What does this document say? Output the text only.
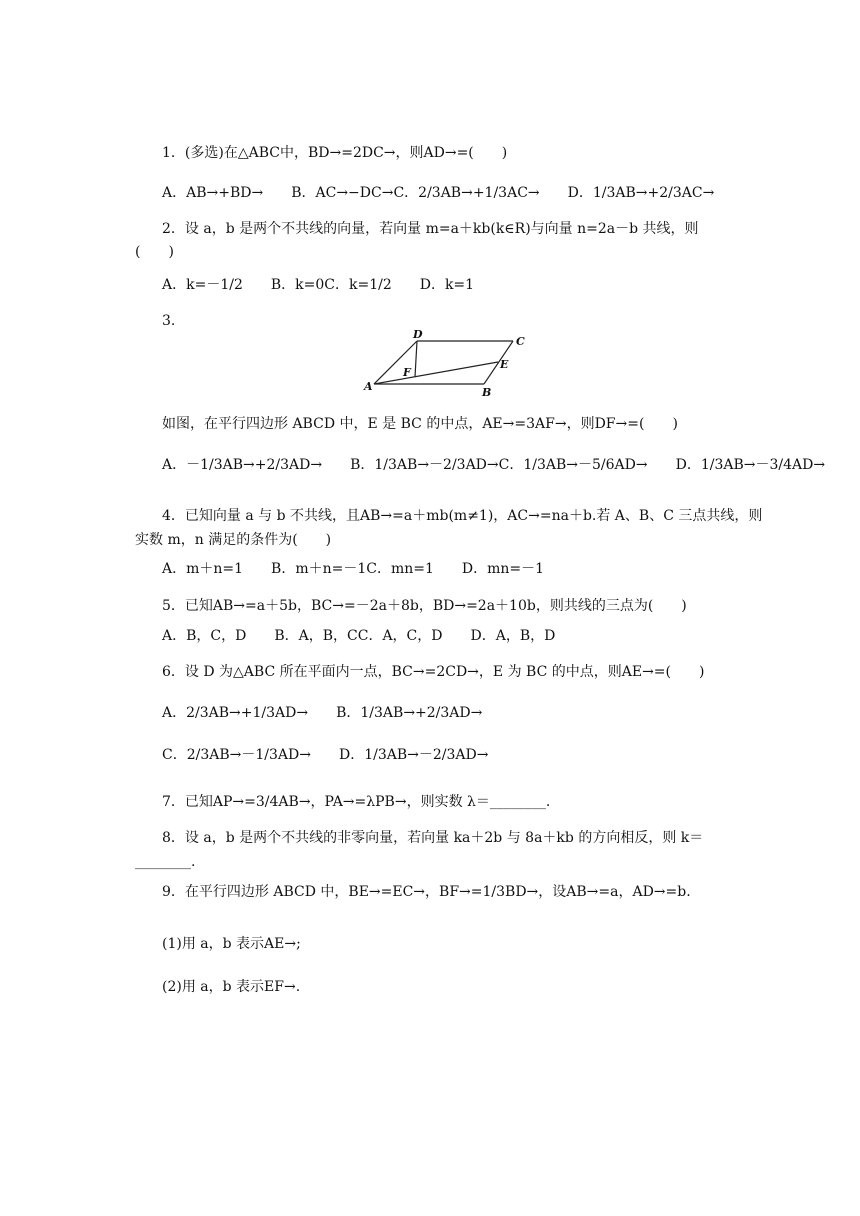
1．(多选)在△ABC中，BD→=2DC→，则AD→=(　　)
A．AB→+BD→　　B．AC→−DC→C．2/3AB→+1/3AC→　　D．1/3AB→+2/3AC→
2．设 a，b 是两个不共线的向量，若向量 m=a＋kb(k∈R)与向量 n=2a－b 共线，则
(　　)
A．k=－1/2　　B．k=0C．k=1/2　　D．k=1
3.
A	B
C
D
E
F
如图，在平行四边形 ABCD 中，E 是 BC 的中点，AE→=3AF→，则DF→=(　　)
A．－1/3AB→+2/3AD→　　B．1/3AB→－2/3AD→C．1/3AB→－5/6AD→　　D．1/3AB→－3/4AD→
4．已知向量 a 与 b 不共线，且AB→=a＋mb(m≠1)，AC→=na＋b.若 A、B、C 三点共线，则
实数 m，n 满足的条件为(　　)
A．m＋n=1　　B．m＋n=－1C．mn=1　　D．mn=－1
5．已知AB→=a＋5b，BC→=－2a＋8b，BD→=2a＋10b，则共线的三点为(　　)
A．B，C，D　　B．A，B，CC．A，C，D　　D．A，B，D
6．设 D 为△ABC 所在平面内一点，BC→=2CD→，E 为 BC 的中点，则AE→=(　　)
A．2/3AB→+1/3AD→　　B．1/3AB→+2/3AD→
C．2/3AB→－1/3AD→　　D．1/3AB→－2/3AD→
7．已知AP→=3/4AB→，PA→=λPB→，则实数 λ＝________.
8．设 a，b 是两个不共线的非零向量，若向量 ka＋2b 与 8a＋kb 的方向相反，则 k＝
________.
9．在平行四边形 ABCD 中，BE→=EC→，BF→=1/3BD→，设AB→=a，AD→=b.
(1)用 a，b 表示AE→;
(2)用 a，b 表示EF→.
